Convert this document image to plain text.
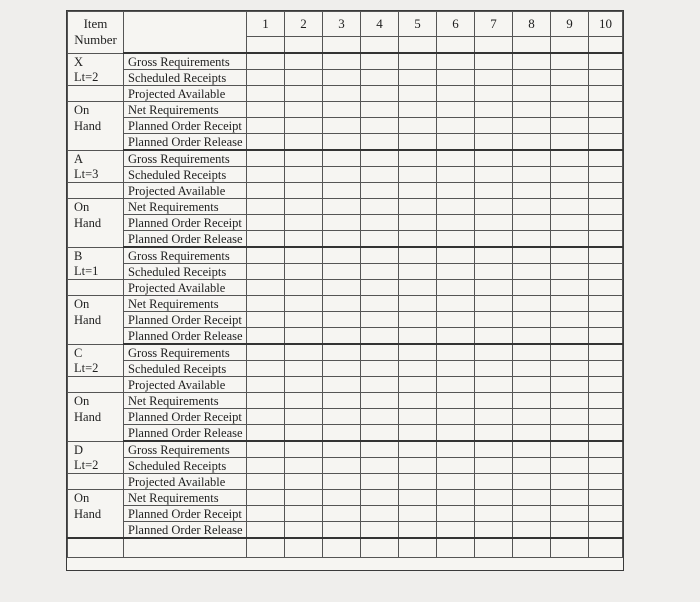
Item
Number		1	2	3	4	5	6	7	8	9	10

X	Gross Requirements										
Lt=2	Scheduled Receipts										
	Projected Available										
On	Net Requirements										
Hand	Planned Order Receipt										
	Planned Order Release										
A	Gross Requirements										
Lt=3	Scheduled Receipts										
	Projected Available										
On	Net Requirements										
Hand	Planned Order Receipt										
	Planned Order Release										
B	Gross Requirements										
Lt=1	Scheduled Receipts										
	Projected Available										
On	Net Requirements										
Hand	Planned Order Receipt										
	Planned Order Release										
C	Gross Requirements										
Lt=2	Scheduled Receipts										
	Projected Available										
On	Net Requirements										
Hand	Planned Order Receipt										
	Planned Order Release										
D	Gross Requirements										
Lt=2	Scheduled Receipts										
	Projected Available										
On	Net Requirements										
Hand	Planned Order Receipt										
	Planned Order Release										
